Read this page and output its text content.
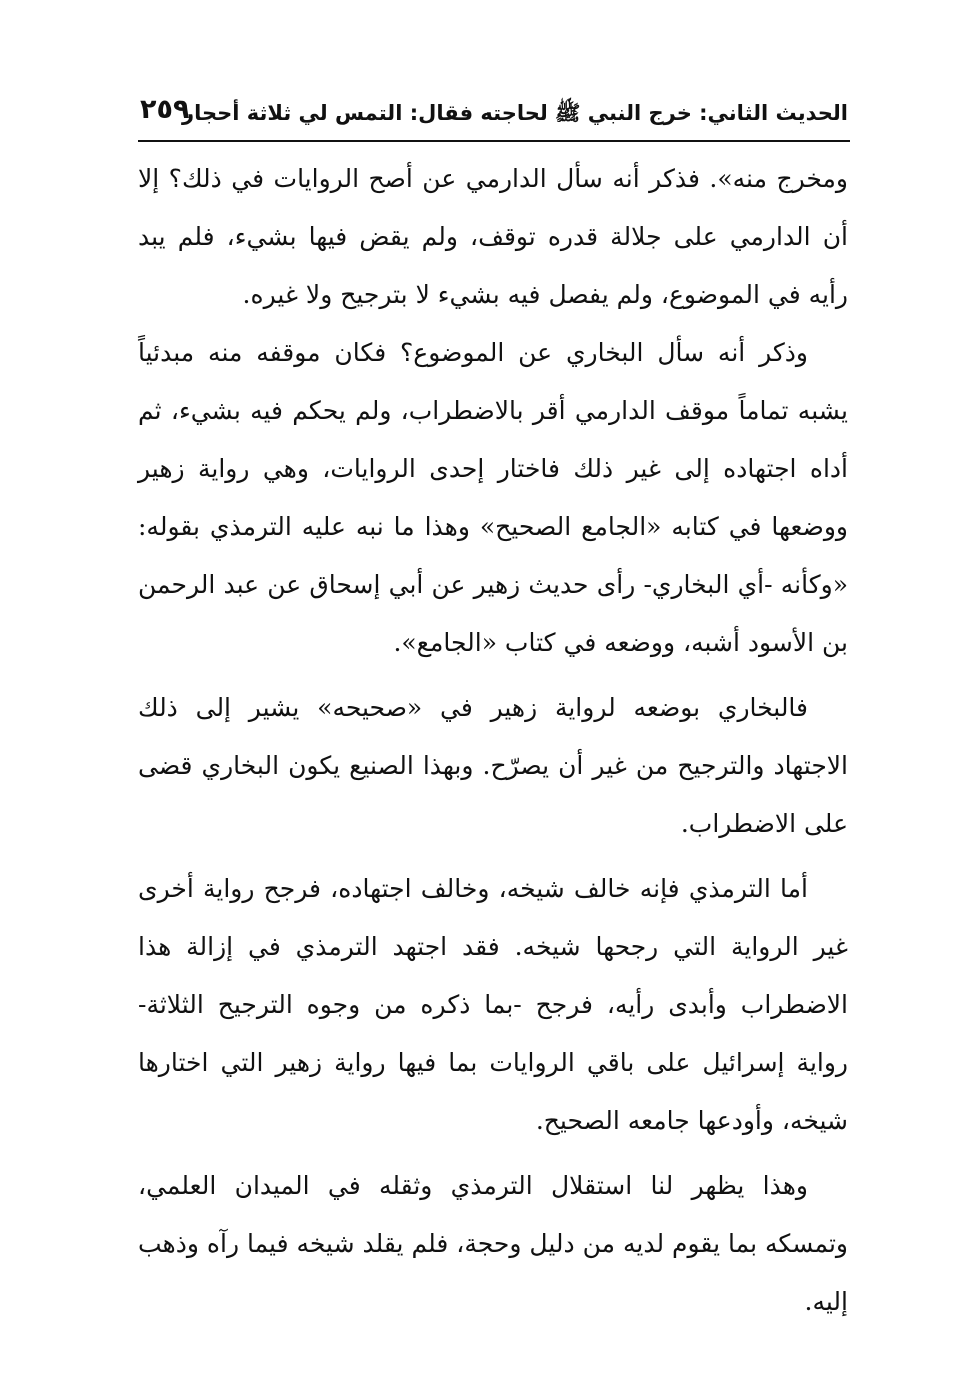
الحديث الثاني: خرج النبي ﷺ لحاجته فقال: التمس لي ثلاثة أحجار
٢٥٩

ومخرج منه». فذكر أنه سأل الدارمي عن أصح الروايات في ذلك؟ إلا أن الدارمي على جلالة قدره توقف، ولم يقض فيها بشيء، فلم يبد رأيه في الموضوع، ولم يفصل فيه بشيء لا بترجيح ولا غيره.

وذكر أنه سأل البخاري عن الموضوع؟ فكان موقفه منه مبدئياً يشبه تماماً موقف الدارمي أقر بالاضطراب، ولم يحكم فيه بشيء، ثم أداه اجتهاده إلى غير ذلك فاختار إحدى الروايات، وهي رواية زهير ووضعها في كتابه «الجامع الصحيح» وهذا ما نبه عليه الترمذي بقوله: «وكأنه -أي البخاري- رأى حديث زهير عن أبي إسحاق عن عبد الرحمن بن الأسود أشبه، ووضعه في كتاب «الجامع».

فالبخاري بوضعه لرواية زهير في «صحيحه» يشير إلى ذلك الاجتهاد والترجيح من غير أن يصرّح. وبهذا الصنيع يكون البخاري قضى على الاضطراب.

أما الترمذي فإنه خالف شيخه، وخالف اجتهاده، فرجح رواية أخرى غير الرواية التي رجحها شيخه. فقد اجتهد الترمذي في إزالة هذا الاضطراب وأبدى رأيه، فرجح -بما ذكره من وجوه الترجيح الثلاثة- رواية إسرائيل على باقي الروايات بما فيها رواية زهير التي اختارها شيخه، وأودعها جامعه الصحيح.

وهذا يظهر لنا استقلال الترمذي وثقله في الميدان العلمي، وتمسكه بما يقوم لديه من دليل وحجة، فلم يقلد شيخه فيما رآه وذهب إليه.
